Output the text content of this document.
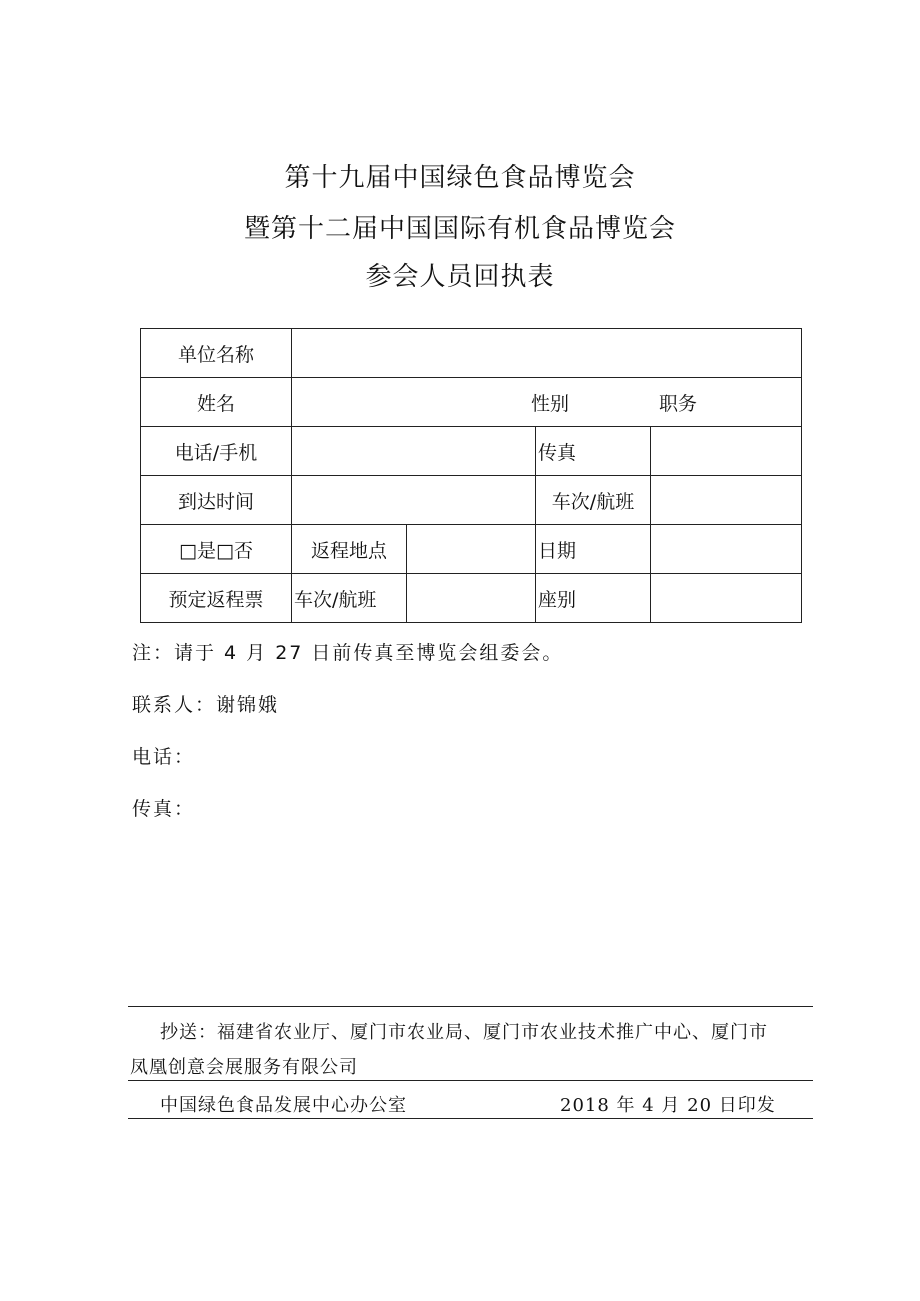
第十九届中国绿色食品博览会
暨第十二届中国国际有机食品博览会
参会人员回执表
单位名称				
姓名	性别 职务			
电话/手机			传真	
到达时间			车次/航班	
□是□否	返程地点		日期	
预定返程票	车次/航班		座别	
注：请于 4 月 27 日前传真至博览会组委会。
联系人：谢锦娥
电话：
传真：
抄送：福建省农业厅、厦门市农业局、厦门市农业技术推广中心、厦门市
凤凰创意会展服务有限公司
中国绿色食品发展中心办公室	2018 年 4 月 20 日印发
